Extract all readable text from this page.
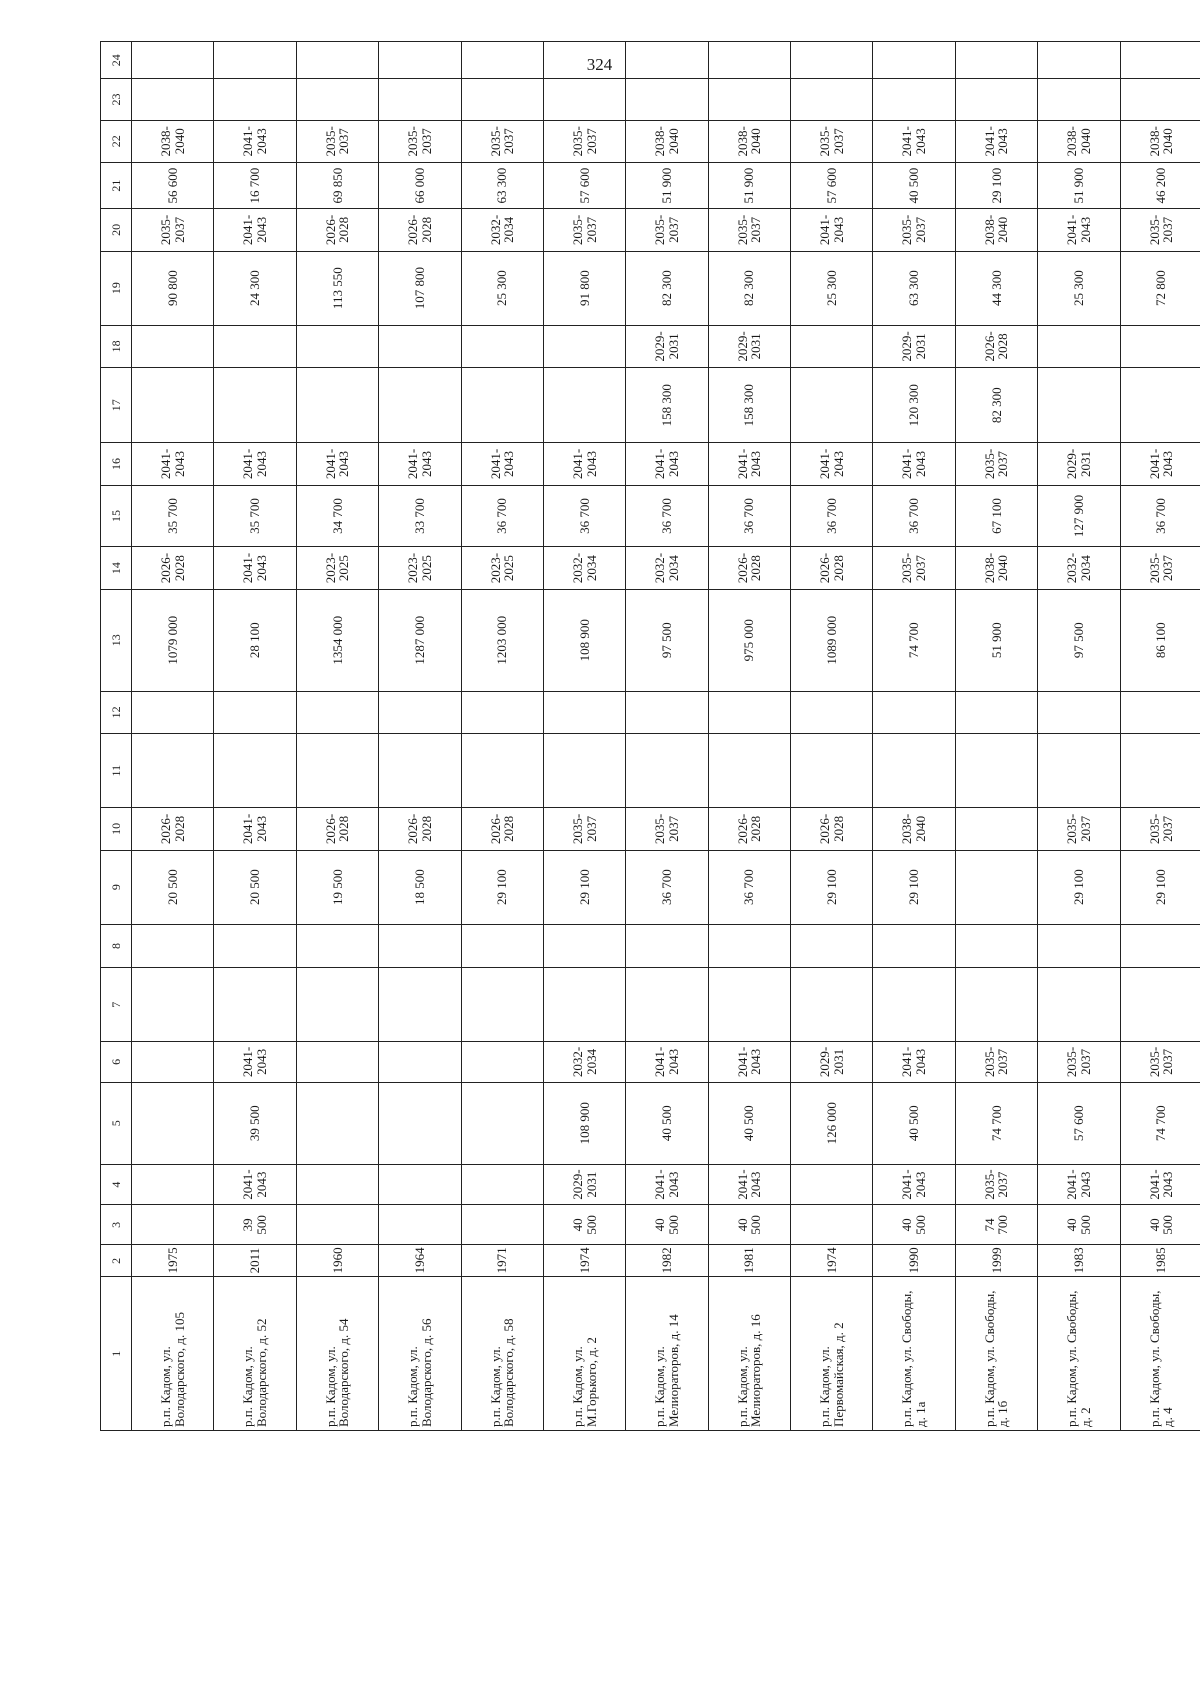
324
1	2	3	4	5	6	7	8	9	10	11	12	13	14	15	16	17	18	19	20	21	22	23	24
р.п. Кадом, ул. Володарского, д. 105	1975							20 500	2026-2028			1079 000	2026-2028	35 700	2041-2043			90 800	2035-2037	56 600	2038-2040		
р.п. Кадом, ул. Володарского, д. 52	2011	39 500	2041-2043	39 500	2041-2043			20 500	2041-2043			28 100	2041-2043	35 700	2041-2043			24 300	2041-2043	16 700	2041-2043		
р.п. Кадом, ул. Володарского, д. 54	1960							19 500	2026-2028			1354 000	2023-2025	34 700	2041-2043			113 550	2026-2028	69 850	2035-2037		
р.п. Кадом, ул. Володарского, д. 56	1964							18 500	2026-2028			1287 000	2023-2025	33 700	2041-2043			107 800	2026-2028	66 000	2035-2037		
р.п. Кадом, ул. Володарского, д. 58	1971							29 100	2026-2028			1203 000	2023-2025	36 700	2041-2043			25 300	2032-2034	63 300	2035-2037		
р.п. Кадом, ул. М.Горького, д. 2	1974	40 500	2029-2031	108 900	2032-2034			29 100	2035-2037			108 900	2032-2034	36 700	2041-2043			91 800	2035-2037	57 600	2035-2037		
р.п. Кадом, ул. Мелиораторов, д. 14	1982	40 500	2041-2043	40 500	2041-2043			36 700	2035-2037			97 500	2032-2034	36 700	2041-2043	158 300	2029-2031	82 300	2035-2037	51 900	2038-2040		
р.п. Кадом, ул. Мелиораторов, д. 16	1981	40 500	2041-2043	40 500	2041-2043			36 700	2026-2028			975 000	2026-2028	36 700	2041-2043	158 300	2029-2031	82 300	2035-2037	51 900	2038-2040		
р.п. Кадом, ул. Первомайская, д. 2	1974			126 000	2029-2031			29 100	2026-2028			1089 000	2026-2028	36 700	2041-2043			25 300	2041-2043	57 600	2035-2037		
р.п. Кадом, ул. Свободы, д. 1а	1990	40 500	2041-2043	40 500	2041-2043			29 100	2038-2040			74 700	2035-2037	36 700	2041-2043	120 300	2029-2031	63 300	2035-2037	40 500	2041-2043		
р.п. Кадом, ул. Свободы, д. 1б	1999	74 700	2035-2037	74 700	2035-2037							51 900	2038-2040	67 100	2035-2037	82 300	2026-2028	44 300	2038-2040	29 100	2041-2043		
р.п. Кадом, ул. Свободы, д. 2	1983	40 500	2041-2043	57 600	2035-2037			29 100	2035-2037			97 500	2032-2034	127 900	2029-2031			25 300	2041-2043	51 900	2038-2040		
р.п. Кадом, ул. Свободы, д. 4	1985	40 500	2041-2043	74 700	2035-2037			29 100	2035-2037			86 100	2035-2037	36 700	2041-2043			72 800	2035-2037	46 200	2038-2040		
